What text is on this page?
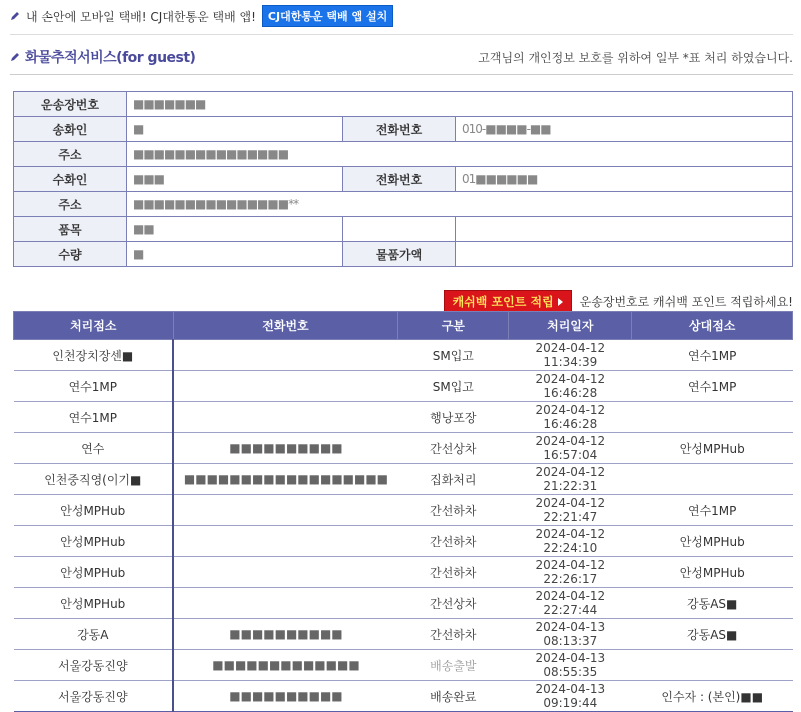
내 손안에 모바일 택배! CJ대한통운 택배 앱!	CJ대한통운 택배 앱 설치
화물추적서비스(for guest)	고객님의 개인정보 보호를 위하여 일부 *표 처리 하였습니다.
운송장번호	■■■■■■■		
송화인	■	전화번호	010-■■■■-■■
주소	■■■■■■■■■■■■■■■		
수화인	■■■	전화번호	01■■■■■■
주소	■■■■■■■■■■■■■■■**		
품목	■■		
수량	■	물품가액	
캐쉬백 포인트 적립 운송장번호로 캐쉬백 포인트 적립하세요!
처리점소	전화번호	구분	처리일자	상대점소
인천장치장센■		SM입고	2024-04-12 11:34:39	연수1MP
연수1MP		SM입고	2024-04-12 16:46:28	연수1MP
연수1MP		행낭포장	2024-04-12 16:46:28	
연수	■■■■■■■■■■	간선상차	2024-04-12 16:57:04	안성MPHub
인천중직영(이기■	■■■■■■■■■■■■■■■■■■	집화처리	2024-04-12 21:22:31	
안성MPHub		간선하차	2024-04-12 22:21:47	연수1MP
안성MPHub		간선하차	2024-04-12 22:24:10	안성MPHub
안성MPHub		간선하차	2024-04-12 22:26:17	안성MPHub
안성MPHub		간선상차	2024-04-12 22:27:44	강동AS■
강동A	■■■■■■■■■■	간선하차	2024-04-13 08:13:37	강동AS■
서울강동진양	■■■■■■■■■■■■■	배송출발	2024-04-13 08:55:35	
서울강동진양	■■■■■■■■■■	배송완료	2024-04-13 09:19:44	인수자 : (본인)■■
